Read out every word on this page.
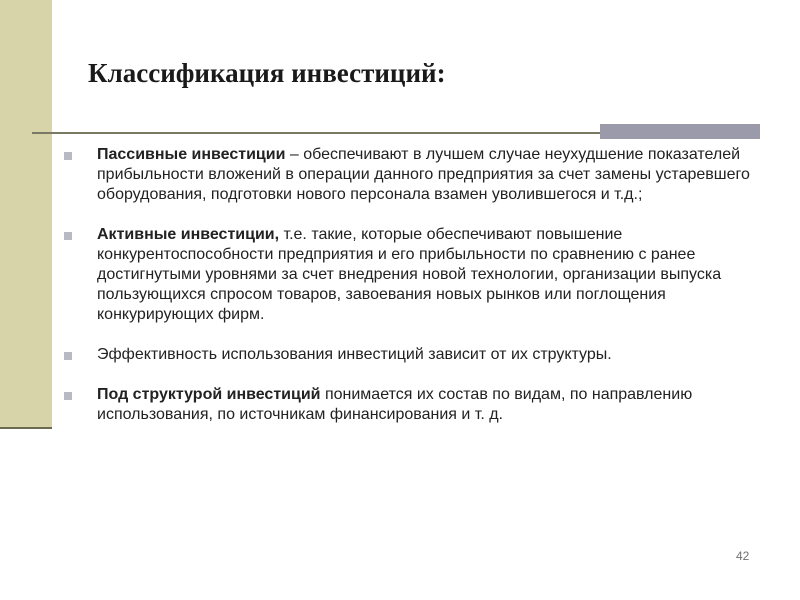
Классификация инвестиций:
Пассивные инвестиции – обеспечивают в лучшем случае неухудшение показателей прибыльности вложений в операции данного предприятия за счет замены устаревшего оборудования, подготовки нового персонала взамен уволившегося и т.д.;
Активные инвестиции, т.е. такие, которые обеспечивают повышение конкурентоспособности предприятия и его прибыльности по сравнению с ранее достигнутыми уровнями за счет внедрения новой технологии, организации выпуска пользующихся спросом товаров, завоевания новых рынков или поглощения конкурирующих фирм.
Эффективность использования инвестиций зависит от их структуры.
Под структурой инвестиций понимается их состав по видам, по направлению использования, по источникам финансирования и т. д.
42
